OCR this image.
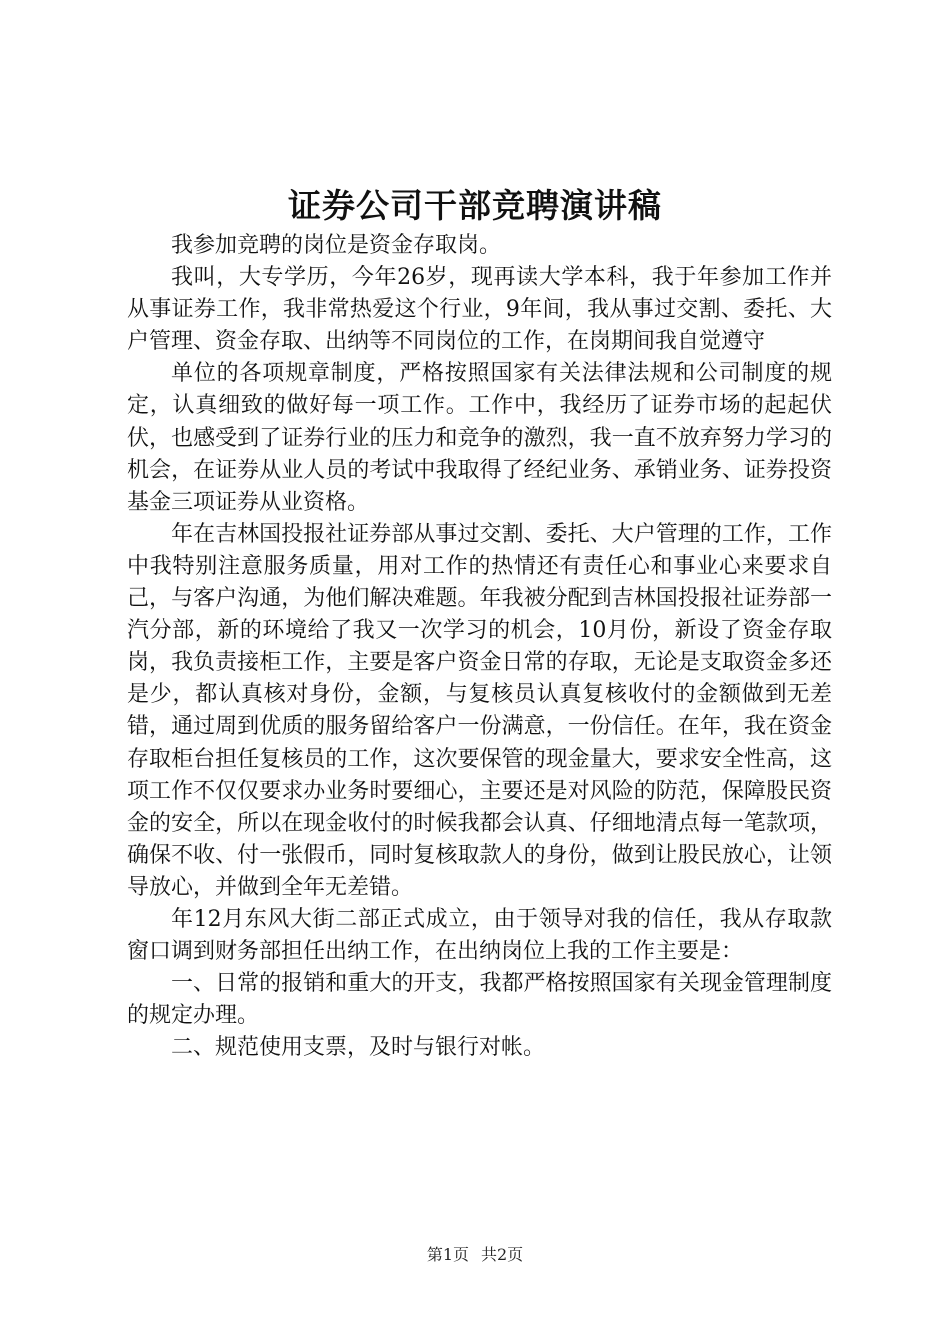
证券公司干部竞聘演讲稿

我参加竞聘的岗位是资金存取岗。

我叫，大专学历，今年26岁，现再读大学本科，我于年参加工作并从事证券工作，我非常热爱这个行业，9年间，我从事过交割、委托、大户管理、资金存取、出纳等不同岗位的工作，在岗期间我自觉遵守

单位的各项规章制度，严格按照国家有关法律法规和公司制度的规定，认真细致的做好每一项工作。工作中，我经历了证券市场的起起伏伏，也感受到了证券行业的压力和竞争的激烈，我一直不放弃努力学习的机会，在证券从业人员的考试中我取得了经纪业务、承销业务、证券投资基金三项证券从业资格。

年在吉林国投报社证券部从事过交割、委托、大户管理的工作，工作中我特别注意服务质量，用对工作的热情还有责任心和事业心来要求自己，与客户沟通，为他们解决难题。年我被分配到吉林国投报社证券部一汽分部，新的环境给了我又一次学习的机会，10月份，新设了资金存取岗，我负责接柜工作，主要是客户资金日常的存取，无论是支取资金多还是少，都认真核对身份，金额，与复核员认真复核收付的金额做到无差错，通过周到优质的服务留给客户一份满意，一份信任。在年，我在资金存取柜台担任复核员的工作，这次要保管的现金量大，要求安全性高，这项工作不仅仅要求办业务时要细心，主要还是对风险的防范，保障股民资金的安全，所以在现金收付的时候我都会认真、仔细地清点每一笔款项，确保不收、付一张假币，同时复核取款人的身份，做到让股民放心，让领导放心，并做到全年无差错。

年12月东风大街二部正式成立，由于领导对我的信任，我从存取款窗口调到财务部担任出纳工作，在出纳岗位上我的工作主要是：

一、日常的报销和重大的开支，我都严格按照国家有关现金管理制度的规定办理。

二、规范使用支票，及时与银行对帐。

第1页 共2页
